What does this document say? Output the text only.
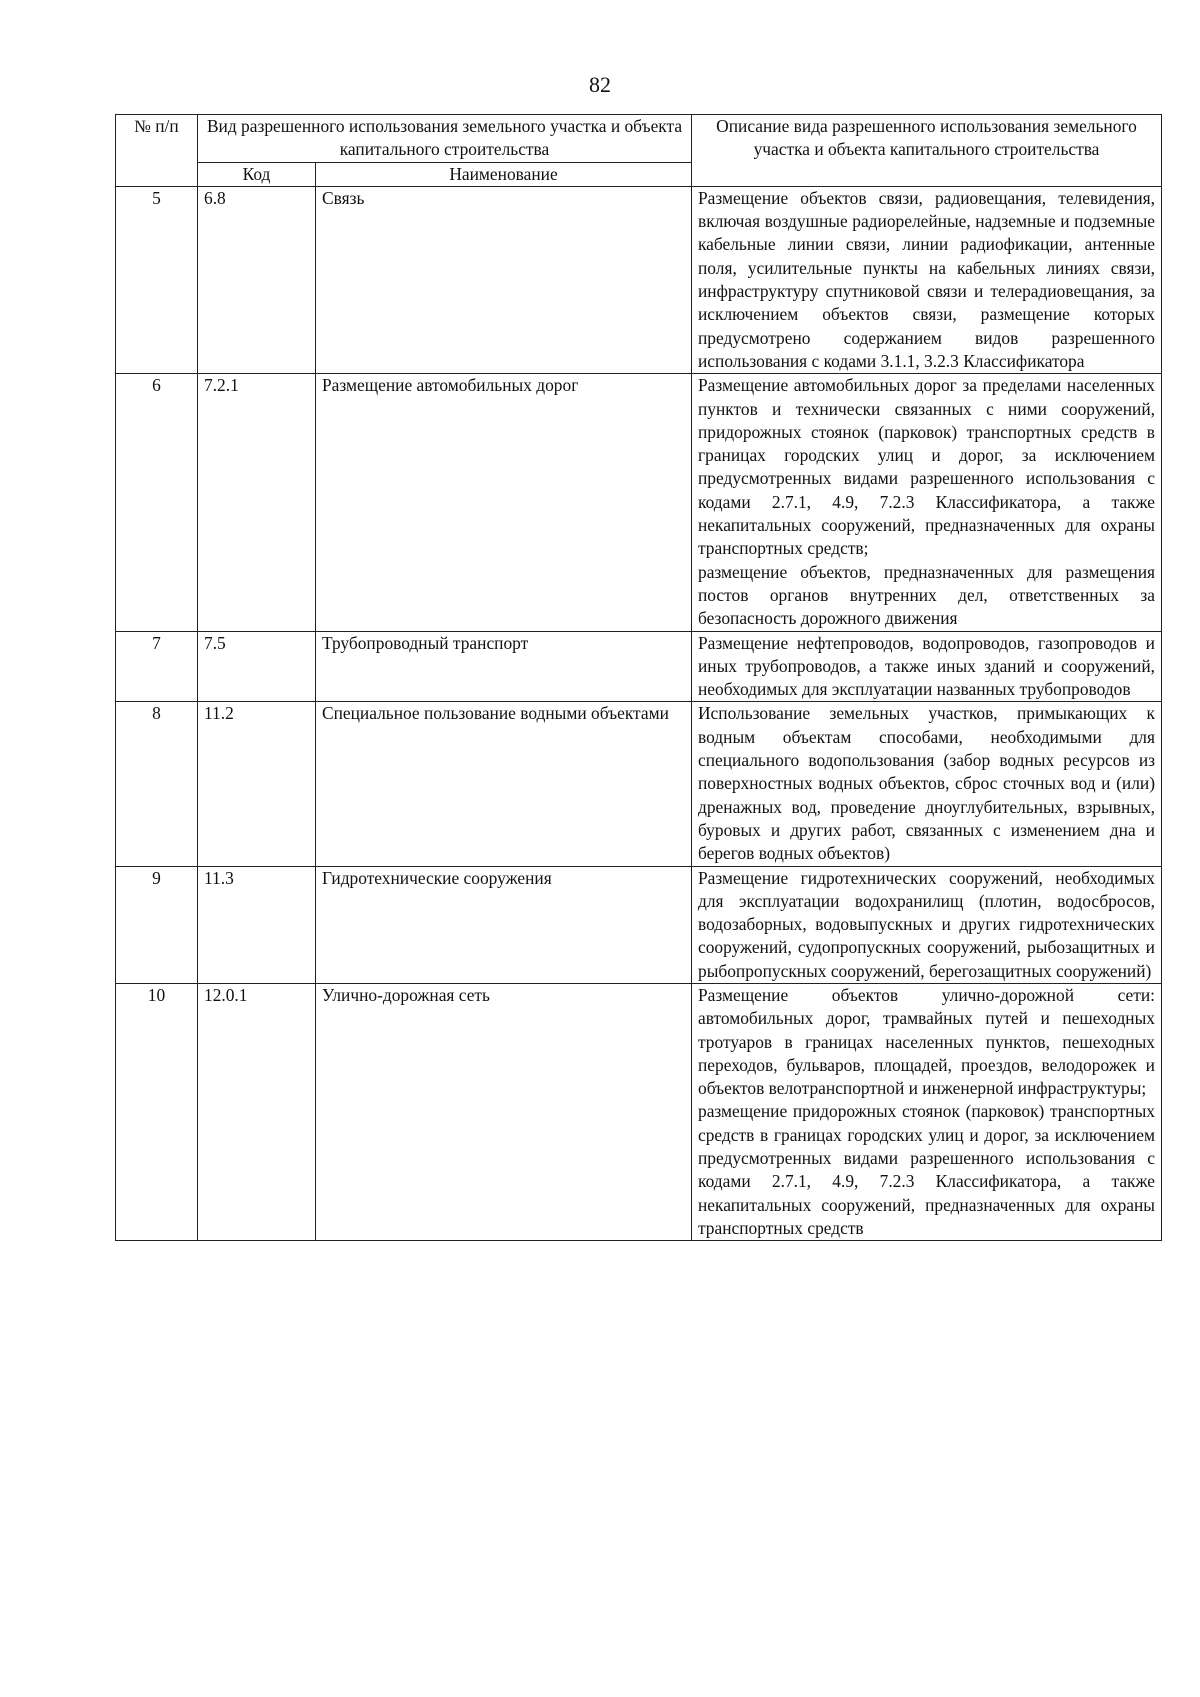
82
№ п/п	Вид разрешенного использования земельного участка и объекта капитального строительства		Описание вида разрешенного использования земельного участка и объекта капитального строительства
	Код	Наименование	
5	6.8	Связь	Размещение объектов связи, радиовещания, телевидения, включая воздушные радиорелейные, надземные и подземные кабельные линии связи, линии радиофикации, антенные поля, усилительные пункты на кабельных линиях связи, инфраструктуру спутниковой связи и телерадиовещания, за исключением объектов связи, размещение которых предусмотрено содержанием видов разрешенного использования с кодами 3.1.1, 3.2.3 Классификатора

6	7.2.1	Размещение автомобильных дорог	Размещение автомобильных дорог за пределами населенных пунктов и технически связанных с ними сооружений, придорожных стоянок (парковок) транспортных средств в границах городских улиц и дорог, за исключением предусмотренных видами разрешенного использования с кодами 2.7.1, 4.9, 7.2.3 Классификатора, а также некапитальных сооружений, предназначенных для охраны транспортных средств;
размещение объектов, предназначенных для размещения постов органов внутренних дел, ответственных за безопасность дорожного движения

7	7.5	Трубопроводный транспорт	Размещение нефтепроводов, водопроводов, газопроводов и иных трубопроводов, а также иных зданий и сооружений, необходимых для эксплуатации названных трубопроводов

8	11.2	Специальное пользование водными объектами	Использование земельных участков, примыкающих к водным объектам способами, необходимыми для специального водопользования (забор водных ресурсов из поверхностных водных объектов, сброс сточных вод и (или) дренажных вод, проведение дноуглубительных, взрывных, буровых и других работ, связанных с изменением дна и берегов водных объектов)

9	11.3	Гидротехнические сооружения	Размещение гидротехнических сооружений, необходимых для эксплуатации водохранилищ (плотин, водосбросов, водозаборных, водовыпускных и других гидротехнических сооружений, судопропускных сооружений, рыбозащитных и рыбопропускных сооружений, берегозащитных сооружений)

10	12.0.1	Улично-дорожная сеть	Размещение объектов улично-дорожной сети: автомобильных дорог, трамвайных путей и пешеходных тротуаров в границах населенных пунктов, пешеходных переходов, бульваров, площадей, проездов, велодорожек и объектов велотранспортной и инженерной инфраструктуры;
размещение придорожных стоянок (парковок) транспортных средств в границах городских улиц и дорог, за исключением предусмотренных видами разрешенного использования с кодами 2.7.1, 4.9, 7.2.3 Классификатора, а также некапитальных сооружений, предназначенных для охраны транспортных средств
